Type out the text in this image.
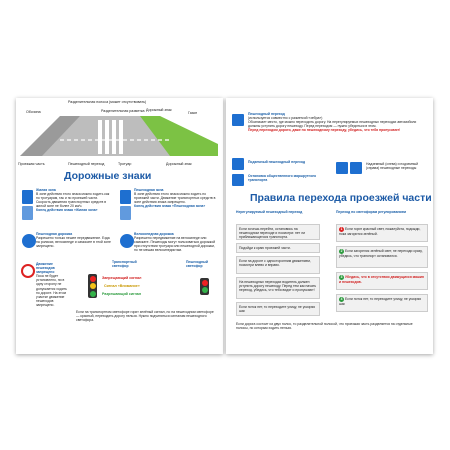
Разделительная полоса (может отсутствовать)
Обочина	Разделительная разметка Дорожный знак
Газон
Проезжая часть	Пешеходный переход	Тротуар	Дорожный знак
Дорожные знаки
Жилая зона
В зоне действия этого знака можно ходить как по тротуарам, так и по проезжей части. Скорость движения транспортных средств в жилой зоне не более 20 км/ч.
Конец действия знака «Жилая зона»
Пешеходная зона
В зоне действия этого знака можно ходить по проезжей части. Движение транспортных средств в зоне действия знака запрещено.
Конец действия знака «Пешеходная зона»
Пешеходная дорожка
Разрешено только пешее передвижение. Езда на роликах, велосипеде и самокате в этой зоне запрещено.
Велосипедная дорожка
Разрешено передвижение на велосипеде или самокате. Пешеходы могут пользоваться дорожкой при отсутствии тротуара или пешеходной дорожки, но не мешая велосипедистам.
Движение пешеходов запрещено
Пока не будет установлено, ни в одну сторону не допускается ходить по дороге. На этом участке движение пешеходов запрещено.
Транспортный светофор
Запрещающий сигнал
Сигнал «Внимание»
Разрешающий сигнал
Пешеходный светофор
Если на транспортном светофоре горит зелёный сигнал, но на пешеходном светофоре — красный, переходить дорогу нельзя. Нужно подчиняться сигналам пешеходного светофора.
Пешеходный переход
(используется совместно с разметкой «зебра»)
Обозначает место, где можно переходить дорогу. На нерегулируемых пешеходных переходах автомобили должны уступить дорогу пешеходу. Перед переходом — нужно убедиться в этом.
Перед переходом дороги, даже по пешеходному переходу, убедись, что тебя пропускают!
Подземный пешеходный переход
Остановка общественного маршрутного транспорта
Надземный (слева) и подземный (справа) пешеходные переходы
Правила перехода проезжей части
Нерегулируемый пешеходный переход	Переход по светофорам регулированием
Если хочешь перейти, остановись на пешеходном переходе и посмотри: нет ли приближающегося транспорта.
Подойди к краю проезжей части.
Если на дороге с односторонним движением, посмотри влево и вправо.
На пешеходных переходах водитель должен уступить дорогу пешеходу. Перед тем как начать переход, убедись, что тебя видят и пропускают!
Если поток нет, то переходите улицу, не ускоряя шаг.
1 Если горит красный свет, пожалуйста, подожди, пока загорится зелёный.
2 Если загорелся зелёный свет, не переходи сразу, убедись, что транспорт остановился.
3 Убедись, что в отсутствии движущихся машин и пешеходов.
4 Если поток нет, то переходите улицу, не ускоряя шаг.
Если дорога состоит из двух полос, то разделительной полосой, что проезжая часть разделяется на отдельные полосы, по которым ходить нельзя.
